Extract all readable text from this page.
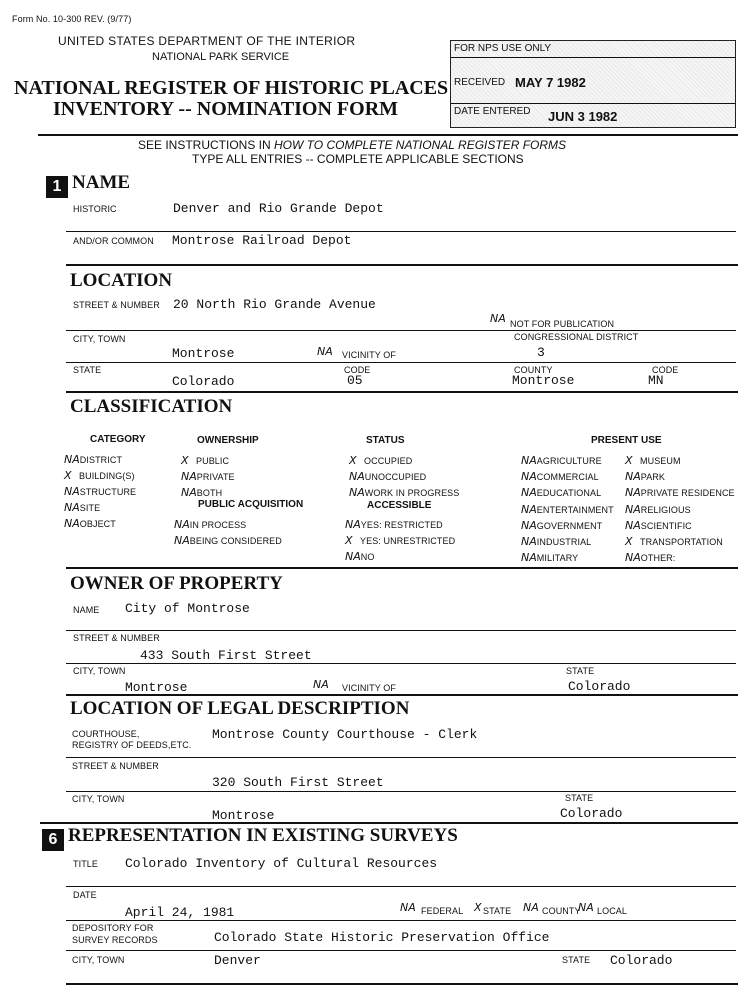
Form No. 10-300 REV. (9/77)
UNITED STATES DEPARTMENT OF THE INTERIOR
NATIONAL PARK SERVICE
NATIONAL REGISTER OF HISTORIC PLACES
INVENTORY -- NOMINATION FORM
FOR NPS USE ONLY
RECEIVED MAY 7 1982
DATE ENTERED JUN 3 1982
SEE INSTRUCTIONS IN HOW TO COMPLETE NATIONAL REGISTER FORMS
TYPE ALL ENTRIES -- COMPLETE APPLICABLE SECTIONS
1 NAME
HISTORIC	Denver and Rio Grande Depot
AND/OR COMMON Montrose Railroad Depot
LOCATION
STREET & NUMBER 20 North Rio Grande Avenue
NA NOT FOR PUBLICATION
CITY, TOWN	CONGRESSIONAL DISTRICT
Montrose	NA VICINITY OF	3
STATE	CODE	COUNTY	CODE
Colorado	05	Montrose	MN
CLASSIFICATION
CATEGORY
NADISTRICT
X BUILDING(S)
NASTRUCTURE
NASITE
NAOBJECT
OWNERSHIP
X PUBLIC
NAPRIVATE
NABOTH
PUBLIC ACQUISITION
NAIN PROCESS
NABEING CONSIDERED
STATUS
X OCCUPIED
NAUNOCCUPIED
NAWORK IN PROGRESS
ACCESSIBLE
NAYES: RESTRICTED
X YES: UNRESTRICTED
NANO
PRESENT USE
NAAGRICULTURE
NACOMMERCIAL
NAEDUCATIONAL
NAENTERTAINMENT
NAGOVERNMENT
NAINDUSTRIAL
NAMILITARY
X MUSEUM
NAPARK
NAPRIVATE RESIDENCE
NARELIGIOUS
NASCIENTIFIC
X TRANSPORTATION
NAOTHER:
OWNER OF PROPERTY
NAME City of Montrose
STREET & NUMBER
433 South First Street
CITY, TOWN	STATE
Montrose	NA VICINITY OF	Colorado
LOCATION OF LEGAL DESCRIPTION
COURTHOUSE,
REGISTRY OF DEEDS,ETC.
Montrose County Courthouse - Clerk
STREET & NUMBER
320 South First Street
CITY, TOWN	STATE
Montrose	Colorado
6 REPRESENTATION IN EXISTING SURVEYS
TITLE Colorado Inventory of Cultural Resources
DATE
April 24, 1981	NA FEDERAL X STATE NA COUNTY
NA LOCAL
DEPOSITORY FOR
SURVEY RECORDS	Colorado State Historic Preservation Office
CITY, TOWN	Denver	STATE Colorado
